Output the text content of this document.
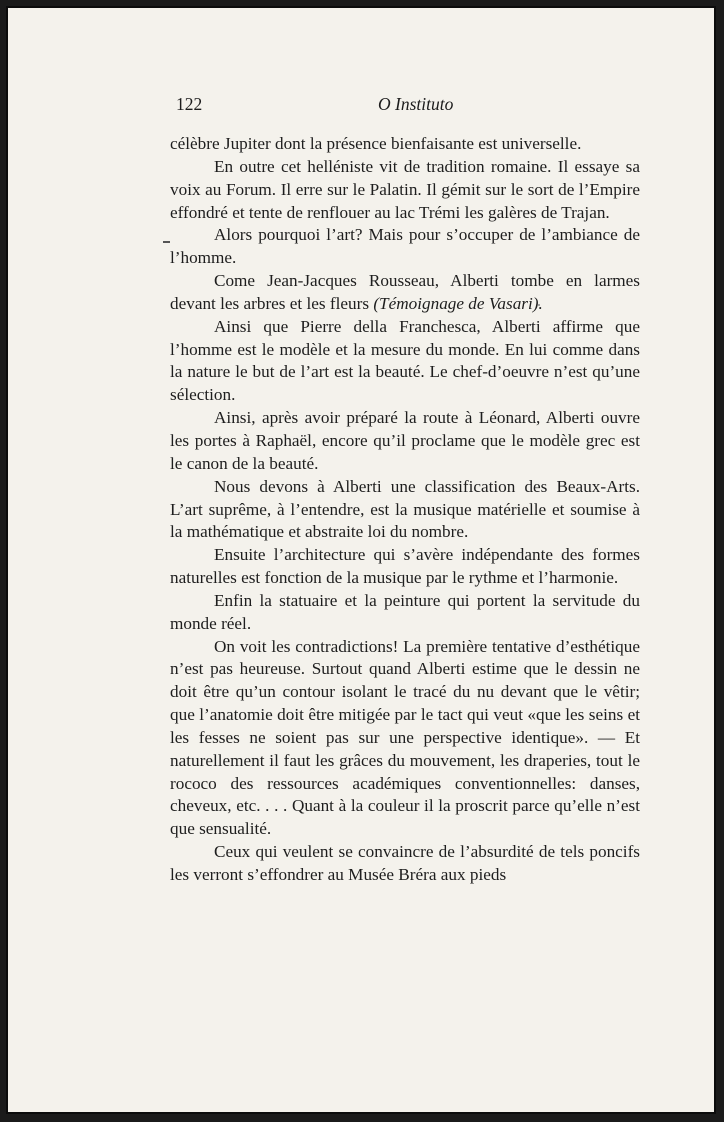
122	O Instituto

célèbre Jupiter dont la présence bienfaisante est universelle.

En outre cet helléniste vit de tradition romaine. Il essaye sa voix au Forum. Il erre sur le Palatin. Il gémit sur le sort de l’Empire effondré et tente de renflouer au lac Trémi les galères de Trajan.

Alors pourquoi l’art? Mais pour s’occuper de l’ambiance de l’homme.

Come Jean-Jacques Rousseau, Alberti tombe en larmes devant les arbres et les fleurs (Témoignage de Vasari).

Ainsi que Pierre della Franchesca, Alberti affirme que l’homme est le modèle et la mesure du monde. En lui comme dans la nature le but de l’art est la beauté. Le chef-d’oeuvre n’est qu’une sélection.

Ainsi, après avoir préparé la route à Léonard, Alberti ouvre les portes à Raphaël, encore qu’il proclame que le modèle grec est le canon de la beauté.

Nous devons à Alberti une classification des Beaux-Arts. L’art suprême, à l’entendre, est la musique matérielle et soumise à la mathématique et abstraite loi du nombre.

Ensuite l’architecture qui s’avère indépendante des formes naturelles est fonction de la musique par le rythme et l’harmonie.

Enfin la statuaire et la peinture qui portent la servitude du monde réel.

On voit les contradictions! La première tentative d’esthétique n’est pas heureuse. Surtout quand Alberti estime que le dessin ne doit être qu’un contour isolant le tracé du nu devant que le vêtir; que l’anatomie doit être mitigée par le tact qui veut «que les seins et les fesses ne soient pas sur une perspective identique». — Et naturellement il faut les grâces du mouvement, les draperies, tout le rococo des ressources académiques conventionnelles: danses, cheveux, etc. . . . Quant à la couleur il la proscrit parce qu’elle n’est que sensualité.

Ceux qui veulent se convaincre de l’absurdité de tels poncifs les verront s’effondrer au Musée Bréra aux pieds
